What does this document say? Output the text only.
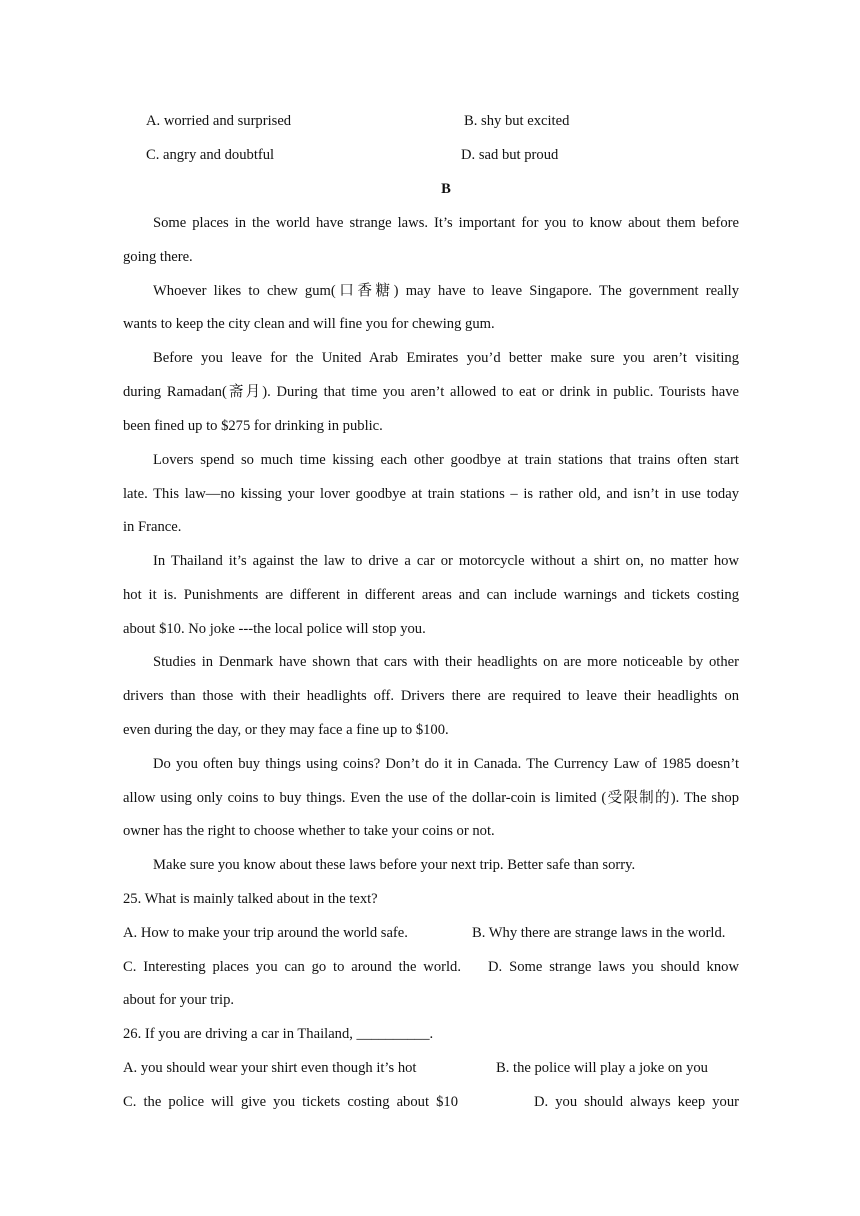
A. worried and surprised	B. shy but excited
C. angry and doubtful	D. sad but proud
B
Some places in the world have strange laws. It’s important for you to know about them before
going there.
Whoever likes to chew gum(口香糖) may have to leave Singapore. The government really
wants to keep the city clean and will fine you for chewing gum.
Before you leave for the United Arab Emirates you’d better make sure you aren’t visiting
during Ramadan(斋月). During that time you aren’t allowed to eat or drink in public. Tourists have
been fined up to $275 for drinking in public.
Lovers spend so much time kissing each other goodbye at train stations that trains often start
late. This law—no kissing your lover goodbye at train stations – is rather old, and isn’t in use today
in France.
In Thailand it’s against the law to drive a car or motorcycle without a shirt on, no matter how
hot it is. Punishments are different in different areas and can include warnings and tickets costing
about $10. No joke ---the local police will stop you.
Studies in Denmark have shown that cars with their headlights on are more noticeable by other
drivers than those with their headlights off. Drivers there are required to leave their headlights on
even during the day, or they may face a fine up to $100.
Do you often buy things using coins? Don’t do it in Canada. The Currency Law of 1985 doesn’t
allow using only coins to buy things. Even the use of the dollar-coin is limited (受限制的). The shop
owner has the right to choose whether to take your coins or not.
Make sure you know about these laws before your next trip. Better safe than sorry.
25. What is mainly talked about in the text?
A. How to make your trip around the world safe.	B. Why there are strange laws in the world.
C. Interesting places you can go to around the world. D. Some strange laws you should know
about for your trip.
26. If you are driving a car in Thailand, __________.
A. you should wear your shirt even though it’s hot	B. the police will play a joke on you
C. the police will give you tickets costing about $10	D. you should always keep your
